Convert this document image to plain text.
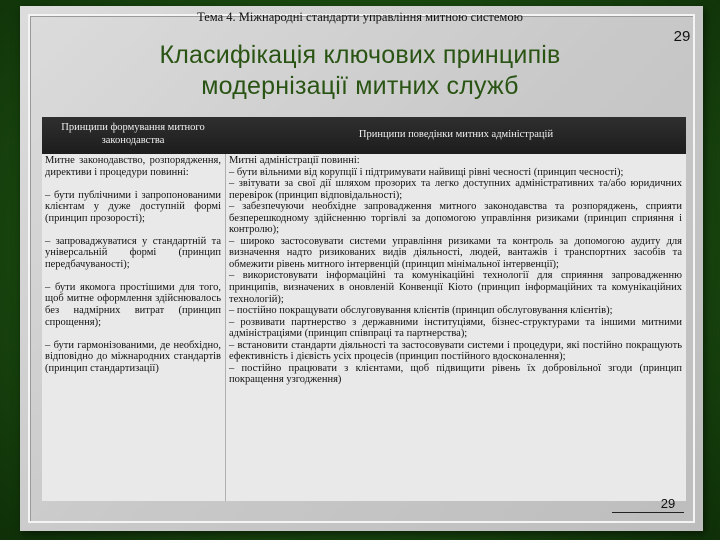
Тема 4. Міжнародні стандарти управління митною системою
29
Класифікація ключових принципів
модернізації митних служб
Принципи формування митного законодавства
Принципи поведінки митних адміністрацій

Митне законодавство, розпорядження, директиви і процедури повинні:

– бути публічними і запропонованими клієнтам у дуже доступній формі (принцип прозорості);

– запроваджуватися у стандартній та універсальній формі (принцип передбачуваності);

– бути якомога простішими для того, щоб митне оформлення здійснювалось без надмірних витрат (принцип спрощення);

– бути гармонізованими, де необхідно, відповідно до міжнародних стандартів (принцип стандартизації)

Митні адміністрації повинні:

– бути вільними від корупції і підтримувати найвищі рівні чесності (принцип чесності);

– звітувати за свої дії шляхом прозорих та легко доступних адміністративних та/або юридичних перевірок (принцип відповідальності);

– забезпечуючи необхідне запровадження митного законодавства та розпоряджень, сприяти безперешкодному здійсненню торгівлі за допомогою управління ризиками (принцип сприяння і контролю);

– широко застосовувати системи управління ризиками та контроль за допомогою аудиту для визначення надто ризикованих видів діяльності, людей, вантажів і транспортних засобів та обмежити рівень митного інтервенцій (принцип мінімальної інтервенції);

– використовувати інформаційні та комунікаційні технології для сприяння запровадженню принципів, визначених в оновленій Конвенції Кіото (принцип інформаційних та комунікаційних технологій);

– постійно покращувати обслуговування клієнтів (принцип обслуговування клієнтів);

– розвивати партнерство з державними інституціями, бізнес-структурами та іншими митними адміністраціями (принцип співпраці та партнерства);

– встановити стандарти діяльності та застосовувати системи і процедури, які постійно покращують ефективність і дієвість усіх процесів (принцип постійного вдосконалення);

– постійно працювати з клієнтами, щоб підвищити рівень їх добровільної згоди (принцип покращення узгодження)

29
